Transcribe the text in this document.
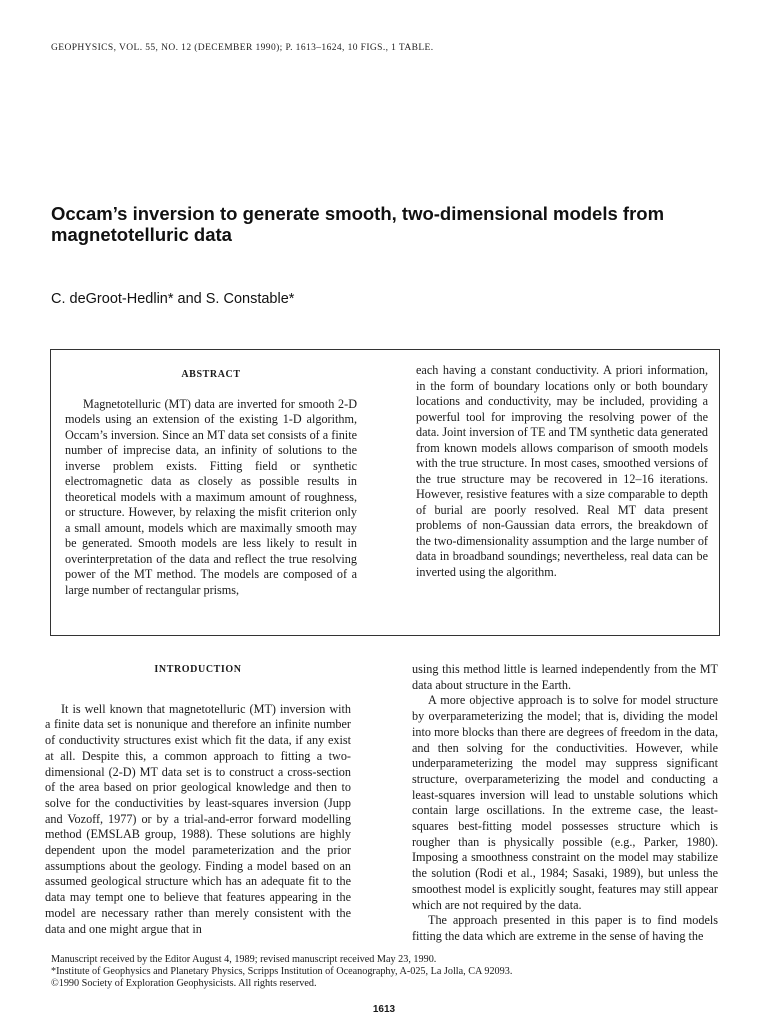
GEOPHYSICS, VOL. 55, NO. 12 (DECEMBER 1990); P. 1613–1624, 10 FIGS., 1 TABLE.
Occam’s inversion to generate smooth, two-dimensional models from magnetotelluric data
C. deGroot-Hedlin* and S. Constable*
ABSTRACT
Magnetotelluric (MT) data are inverted for smooth 2-D models using an extension of the existing 1-D algorithm, Occam’s inversion. Since an MT data set consists of a finite number of imprecise data, an infinity of solutions to the inverse problem exists. Fitting field or synthetic electromagnetic data as closely as possible results in theoretical models with a maximum amount of roughness, or structure. However, by relaxing the misfit criterion only a small amount, models which are maximally smooth may be generated. Smooth models are less likely to result in overinterpretation of the data and reflect the true resolving power of the MT method. The models are composed of a large number of rectangular prisms,
each having a constant conductivity. A priori information, in the form of boundary locations only or both boundary locations and conductivity, may be included, providing a powerful tool for improving the resolving power of the data. Joint inversion of TE and TM synthetic data generated from known models allows comparison of smooth models with the true structure. In most cases, smoothed versions of the true structure may be recovered in 12–16 iterations. However, resistive features with a size comparable to depth of burial are poorly resolved. Real MT data present problems of non-Gaussian data errors, the breakdown of the two-dimensionality assumption and the large number of data in broadband soundings; nevertheless, real data can be inverted using the algorithm.
INTRODUCTION

It is well known that magnetotelluric (MT) inversion with a finite data set is nonunique and therefore an infinite number of conductivity structures exist which fit the data, if any exist at all. Despite this, a common approach to fitting a two-dimensional (2-D) MT data set is to construct a cross-section of the area based on prior geological knowledge and then to solve for the conductivities by least-squares inversion (Jupp and Vozoff, 1977) or by a trial-and-error forward modelling method (EMSLAB group, 1988). These solutions are highly dependent upon the model parameterization and the prior assumptions about the geology. Finding a model based on an assumed geological structure which has an adequate fit to the data may tempt one to believe that features appearing in the model are necessary rather than merely consistent with the data and one might argue that in

using this method little is learned independently from the MT data about structure in the Earth.

A more objective approach is to solve for model structure by overparameterizing the model; that is, dividing the model into more blocks than there are degrees of freedom in the data, and then solving for the conductivities. However, while underparameterizing the model may suppress significant structure, overparameterizing the model and conducting a least-squares inversion will lead to unstable solutions which contain large oscillations. In the extreme case, the least-squares best-fitting model possesses structure which is rougher than is physically possible (e.g., Parker, 1980). Imposing a smoothness constraint on the model may stabilize the solution (Rodi et al., 1984; Sasaki, 1989), but unless the smoothest model is explicitly sought, features may still appear which are not required by the data.

The approach presented in this paper is to find models fitting the data which are extreme in the sense of having the

Manuscript received by the Editor August 4, 1989; revised manuscript received May 23, 1990.
*Institute of Geophysics and Planetary Physics, Scripps Institution of Oceanography, A-025, La Jolla, CA 92093.
©1990 Society of Exploration Geophysicists. All rights reserved.
1613
